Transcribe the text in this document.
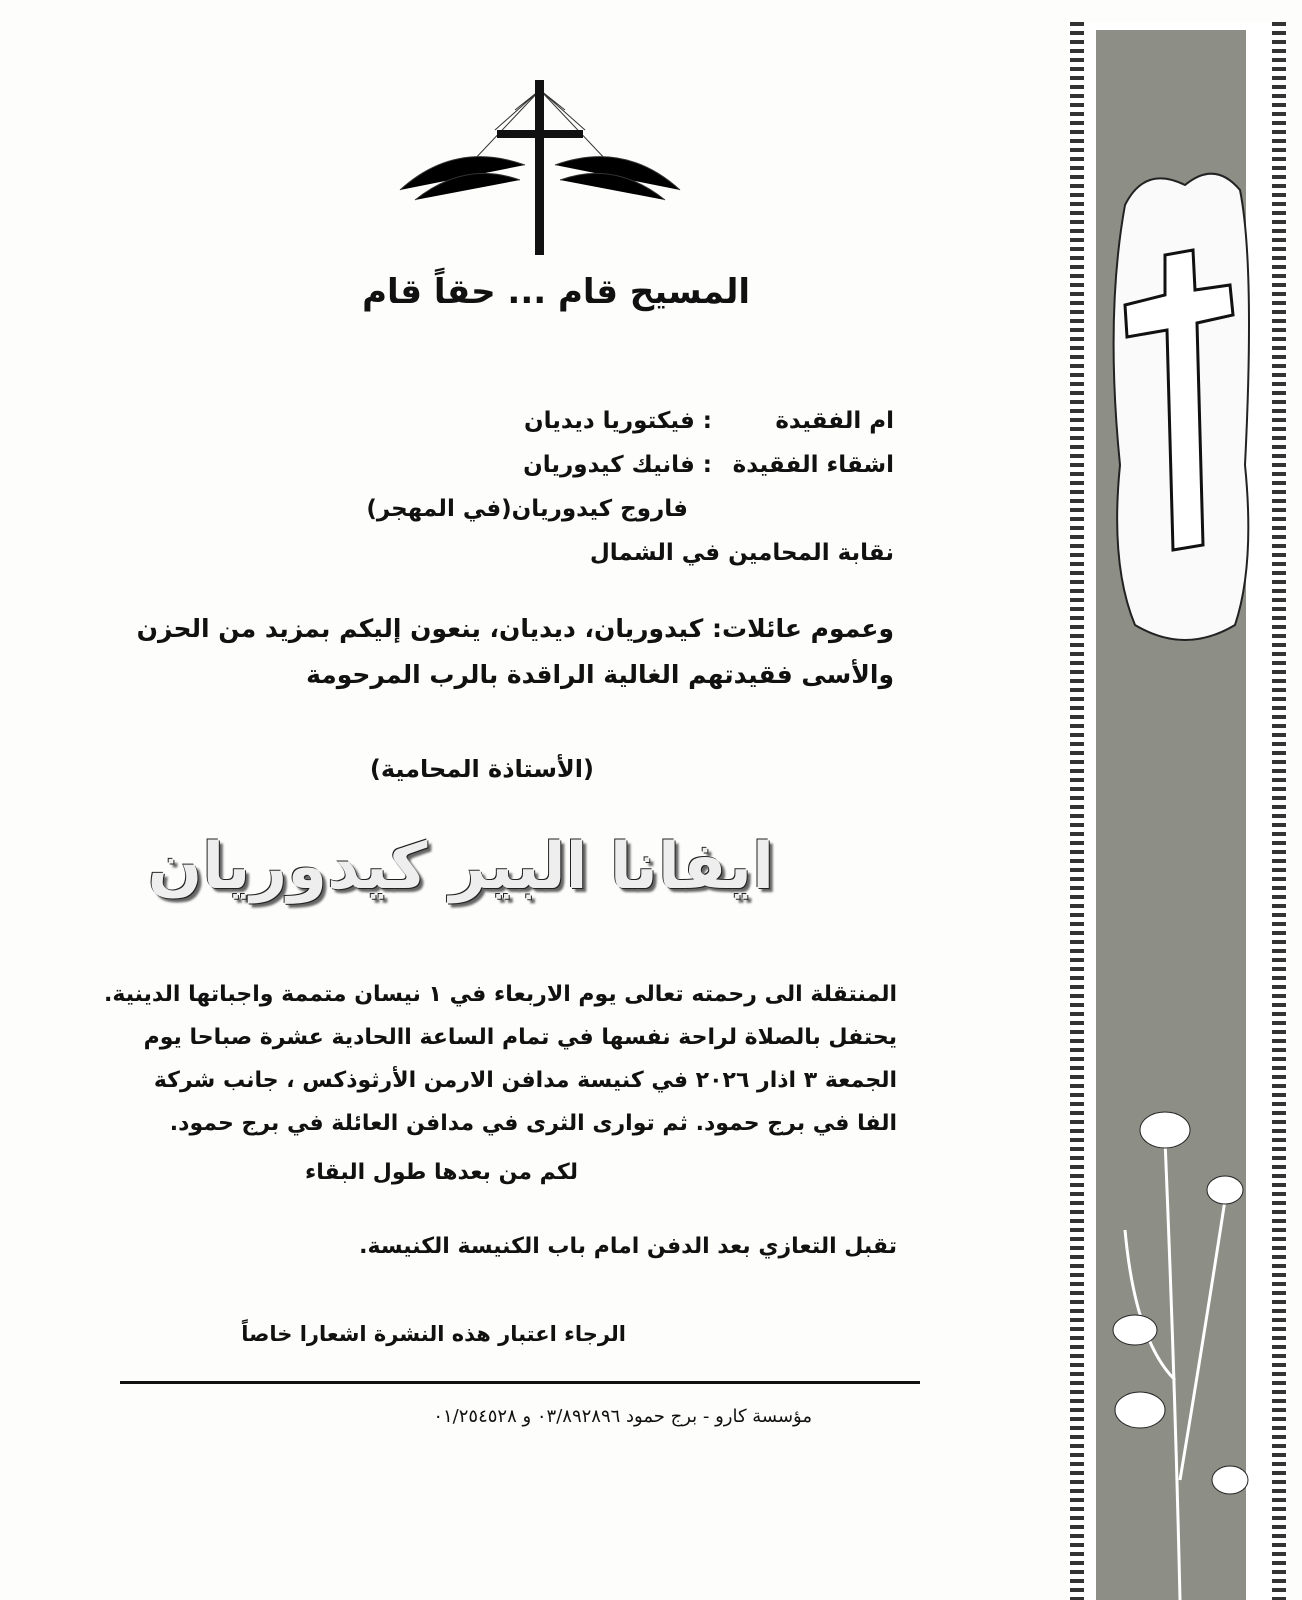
المسيح قام ... حقاً قام
ام الفقيدة
: فيكتوريا ديديان
اشقاء الفقيدة
: فانيك كيدوريان
فاروج كيدوريان(في المهجر)
نقابة المحامين في الشمال
وعموم عائلات: كيدوريان، ديديان، ينعون إليكم بمزيد من الحزن
والأسى فقيدتهم الغالية الراقدة بالرب المرحومة
(الأستاذة المحامية)
ايفانا البير كيدوريان
المنتقلة الى رحمته تعالى يوم الاربعاء في ١ نيسان متممة واجباتها الدينية.
يحتفل بالصلاة لراحة نفسها في تمام الساعة االحادية عشرة صباحا يوم
الجمعة ٣ اذار ٢٠٢٦ في كنيسة مدافن الارمن الأرثوذكس ، جانب شركة
الفا في برج حمود. ثم توارى الثرى في مدافن العائلة في برج حمود.
لكم من بعدها طول البقاء
تقبل التعازي بعد الدفن امام باب الكنيسة الكنيسة.
الرجاء اعتبار هذه النشرة اشعارا خاصاً
مؤسسة كارو - برج حمود ٠٣/٨٩٢٨٩٦ و ٠١/٢٥٤٥٢٨
